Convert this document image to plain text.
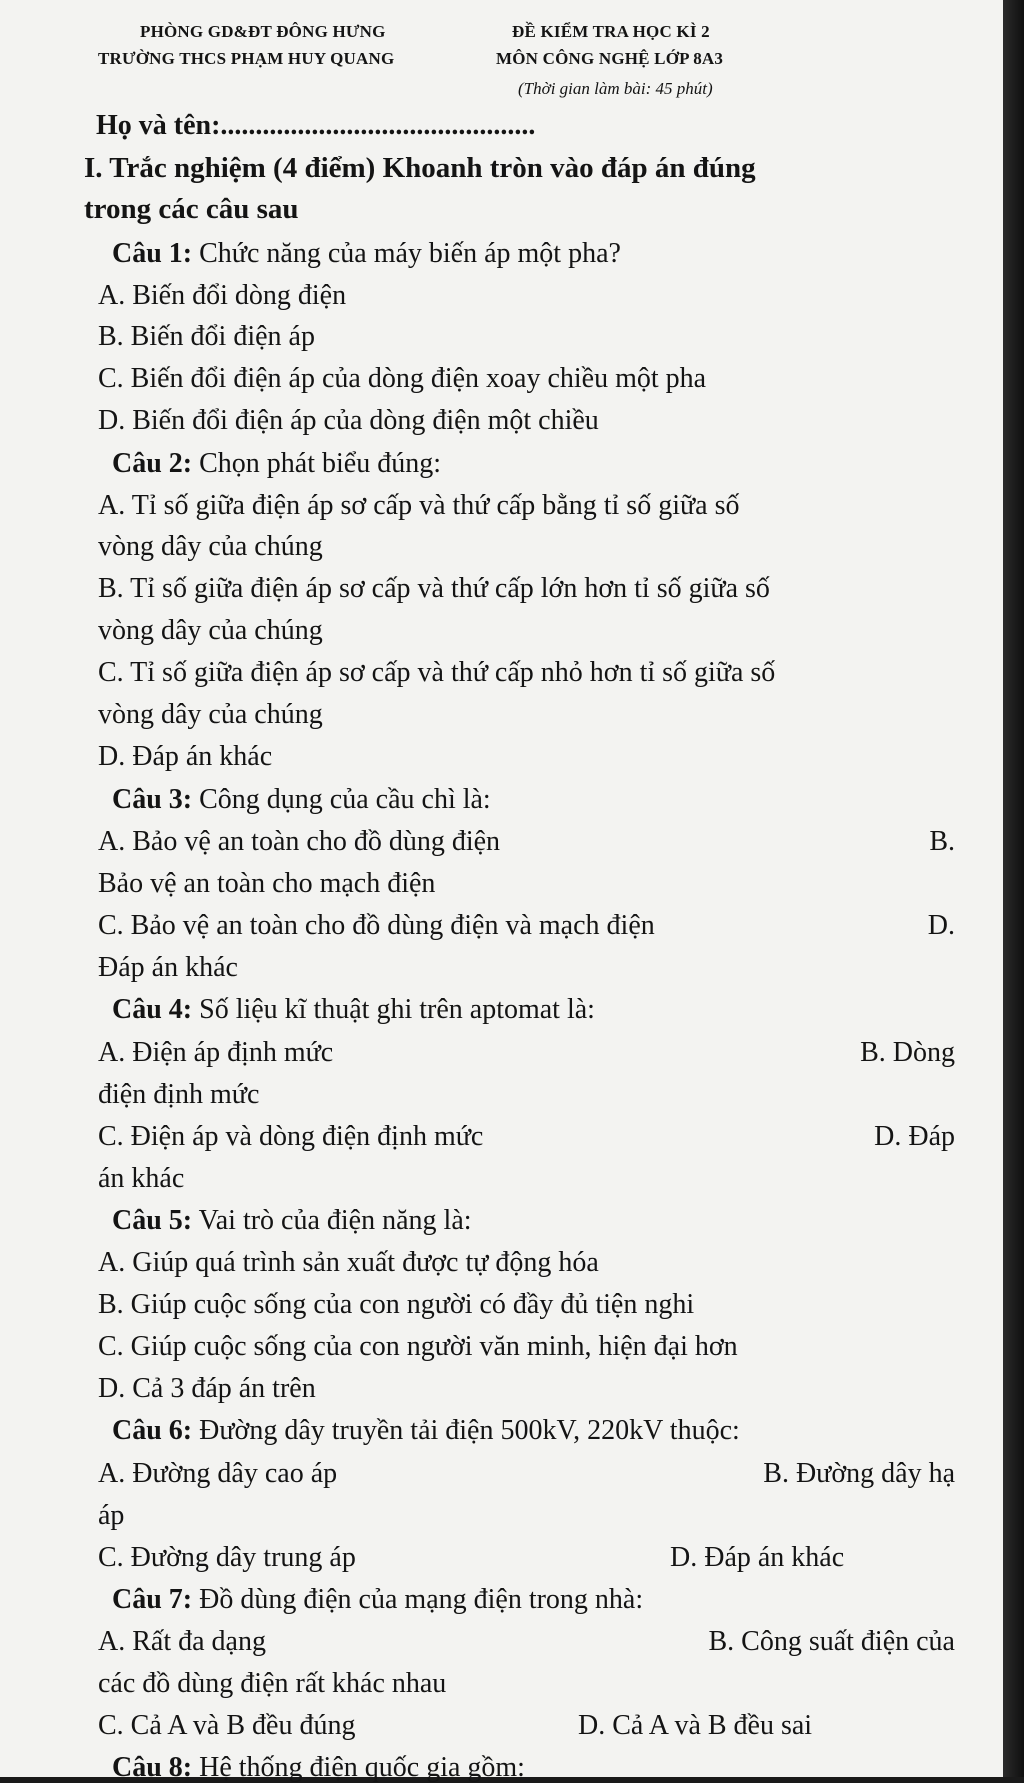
PHÒNG GD&ĐT ĐÔNG HƯNG	ĐỀ KIỂM TRA HỌC KÌ 2
TRƯỜNG THCS PHẠM HUY QUANG	MÔN CÔNG NGHỆ LỚP 8A3
(Thời gian làm bài: 45 phút)
Họ và tên:.............................................
I. Trắc nghiệm (4 điểm) Khoanh tròn vào đáp án đúng
trong các câu sau
Câu 1: Chức năng của máy biến áp một pha?
A. Biến đổi dòng điện
B. Biến đổi điện áp
C. Biến đổi điện áp của dòng điện xoay chiều một pha
D. Biến đổi điện áp của dòng điện một chiều
Câu 2: Chọn phát biểu đúng:
A. Tỉ số giữa điện áp sơ cấp và thứ cấp bằng tỉ số giữa số
vòng dây của chúng
B. Tỉ số giữa điện áp sơ cấp và thứ cấp lớn hơn tỉ số giữa số
vòng dây của chúng
C. Tỉ số giữa điện áp sơ cấp và thứ cấp nhỏ hơn tỉ số giữa số
vòng dây của chúng
D. Đáp án khác
Câu 3: Công dụng của cầu chì là:
A. Bảo vệ an toàn cho đồ dùng điện	B.
Bảo vệ an toàn cho mạch điện
C. Bảo vệ an toàn cho đồ dùng điện và mạch điện	D.
Đáp án khác
Câu 4: Số liệu kĩ thuật ghi trên aptomat là:
A. Điện áp định mức	B. Dòng
điện định mức
C. Điện áp và dòng điện định mức	D. Đáp
án khác
Câu 5: Vai trò của điện năng là:
A. Giúp quá trình sản xuất được tự động hóa
B. Giúp cuộc sống của con người có đầy đủ tiện nghi
C. Giúp cuộc sống của con người văn minh, hiện đại hơn
D. Cả 3 đáp án trên
Câu 6: Đường dây truyền tải điện 500kV, 220kV thuộc:
A. Đường dây cao áp	B. Đường dây hạ
áp
C. Đường dây trung áp	D. Đáp án khác
Câu 7: Đồ dùng điện của mạng điện trong nhà:
A. Rất đa dạng	B. Công suất điện của
các đồ dùng điện rất khác nhau
C. Cả A và B đều đúng	D. Cả A và B đều sai
Câu 8: Hệ thống điện quốc gia gồm:
